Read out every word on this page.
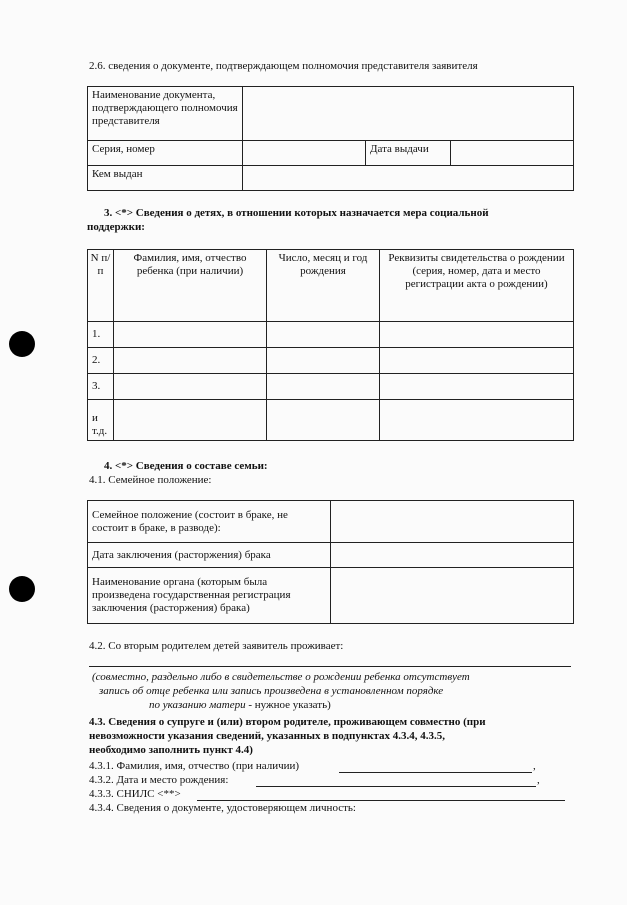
2.6. сведения о документе, подтверждающем полномочия представителя заявителя
Наименование документа, подтверждающего полномочия представителя			
Серия, номер		Дата выдачи	
Кем выдан			
3. <*> Сведения о детях, в отношении которых назначается мера социальной
поддержки:
N п/п	Фамилия, имя, отчество ребенка (при наличии)	Число, месяц и год рождения	Реквизиты свидетельства о рождении (серия, номер, дата и место регистрации акта о рождении)
1.			
2.			
3.			
и т.д.			
4. <*> Сведения о составе семьи:
4.1. Семейное положение:
Семейное положение (состоит в браке, не состоит в браке, в разводе):	
Дата заключения (расторжения) брака	
Наименование органа (которым была произведена государственная регистрация заключения (расторжения) брака)	
4.2. Со вторым родителем детей заявитель проживает:
(совместно, раздельно либо в свидетельстве о рождении ребенка отсутствует
запись об отце ребенка или запись произведена в установленном порядке
по указанию матери - нужное указать)
4.3. Сведения о супруге и (или) втором родителе, проживающем совместно (при
невозможности указания сведений, указанных в подпунктах 4.3.4, 4.3.5,
необходимо заполнить пункт 4.4)
4.3.1. Фамилия, имя, отчество (при наличии)	,
4.3.2. Дата и место рождения:	,
4.3.3. СНИЛС <**>
4.3.4. Сведения о документе, удостоверяющем личность:
